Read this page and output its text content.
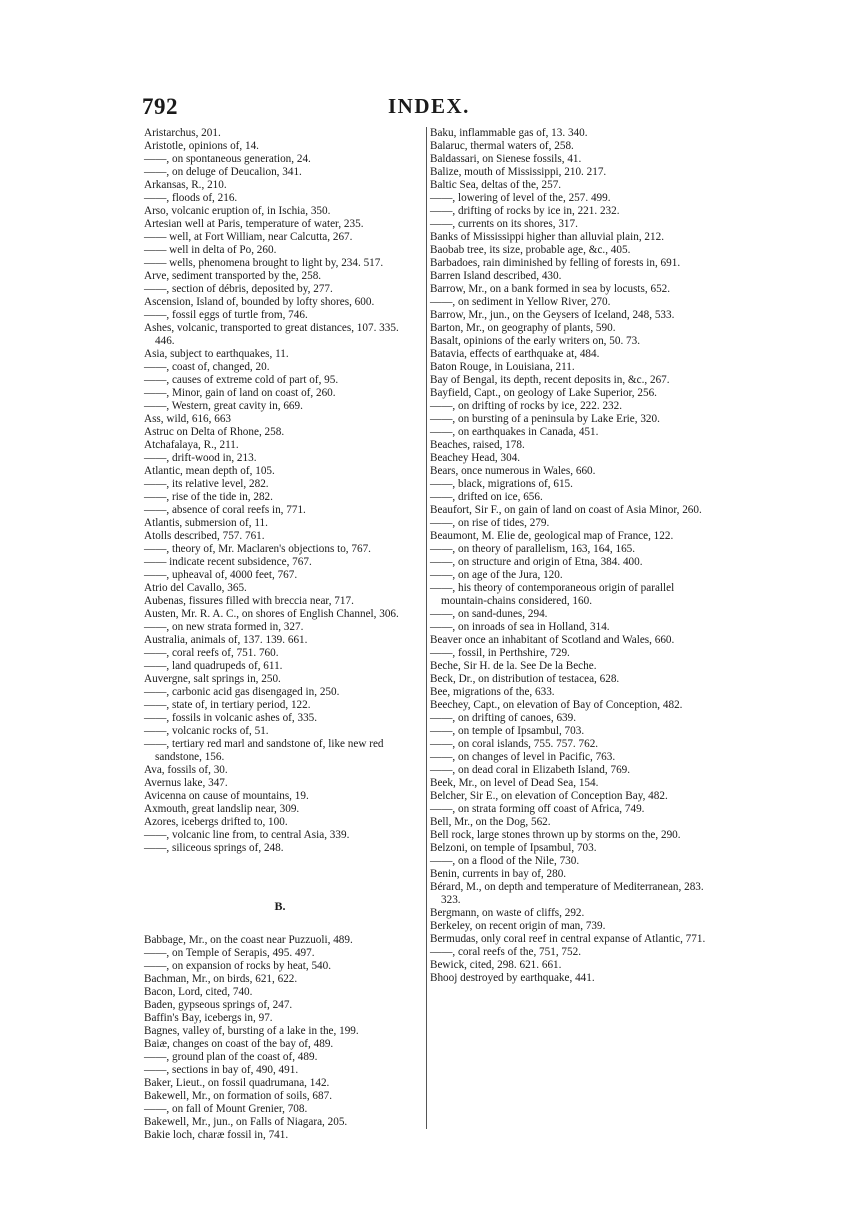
792	INDEX.
Aristarchus, 201.
Aristotle, opinions of, 14.
——, on spontaneous generation, 24.
——, on deluge of Deucalion, 341.
Arkansas, R., 210.
——, floods of, 216.
Arso, volcanic eruption of, in Ischia, 350.
Artesian well at Paris, temperature of water, 235.
—— well, at Fort William, near Calcutta, 267.
—— well in delta of Po, 260.
—— wells, phenomena brought to light by, 234. 517.
Arve, sediment transported by the, 258.
——, section of débris, deposited by, 277.
Ascension, Island of, bounded by lofty shores, 600.
——, fossil eggs of turtle from, 746.
Ashes, volcanic, transported to great distances, 107. 335. 446.
Asia, subject to earthquakes, 11.
——, coast of, changed, 20.
——, causes of extreme cold of part of, 95.
——, Minor, gain of land on coast of, 260.
——, Western, great cavity in, 669.
Ass, wild, 616, 663
Astruc on Delta of Rhone, 258.
Atchafalaya, R., 211.
——, drift-wood in, 213.
Atlantic, mean depth of, 105.
——, its relative level, 282.
——, rise of the tide in, 282.
——, absence of coral reefs in, 771.
Atlantis, submersion of, 11.
Atolls described, 757. 761.
——, theory of, Mr. Maclaren's objections to, 767.
—— indicate recent subsidence, 767.
——, upheaval of, 4000 feet, 767.
Atrio del Cavallo, 365.
Aubenas, fissures filled with breccia near, 717.
Austen, Mr. R. A. C., on shores of English Channel, 306.
——, on new strata formed in, 327.
Australia, animals of, 137. 139. 661.
——, coral reefs of, 751. 760.
——, land quadrupeds of, 611.
Auvergne, salt springs in, 250.
——, carbonic acid gas disengaged in, 250.
——, state of, in tertiary period, 122.
——, fossils in volcanic ashes of, 335.
——, volcanic rocks of, 51.
——, tertiary red marl and sandstone of, like new red sandstone, 156.
Ava, fossils of, 30.
Avernus lake, 347.
Avicenna on cause of mountains, 19.
Axmouth, great landslip near, 309.
Azores, icebergs drifted to, 100.
——, volcanic line from, to central Asia, 339.
——, siliceous springs of, 248.
B.
Babbage, Mr., on the coast near Puzzuoli, 489.
——, on Temple of Serapis, 495. 497.
——, on expansion of rocks by heat, 540.
Bachman, Mr., on birds, 621, 622.
Bacon, Lord, cited, 740.
Baden, gypseous springs of, 247.
Baffin's Bay, icebergs in, 97.
Bagnes, valley of, bursting of a lake in the, 199.
Baiæ, changes on coast of the bay of, 489.
——, ground plan of the coast of, 489.
——, sections in bay of, 490, 491.
Baker, Lieut., on fossil quadrumana, 142.
Bakewell, Mr., on formation of soils, 687.
——, on fall of Mount Grenier, 708.
Bakewell, Mr., jun., on Falls of Niagara, 205.
Bakie loch, charæ fossil in, 741.
Baku, inflammable gas of, 13. 340.
Balaruc, thermal waters of, 258.
Baldassari, on Sienese fossils, 41.
Balize, mouth of Mississippi, 210. 217.
Baltic Sea, deltas of the, 257.
——, lowering of level of the, 257. 499.
——, drifting of rocks by ice in, 221. 232.
——, currents on its shores, 317.
Banks of Mississippi higher than alluvial plain, 212.
Baobab tree, its size, probable age, &c., 405.
Barbadoes, rain diminished by felling of forests in, 691.
Barren Island described, 430.
Barrow, Mr., on a bank formed in sea by locusts, 652.
——, on sediment in Yellow River, 270.
Barrow, Mr., jun., on the Geysers of Iceland, 248, 533.
Barton, Mr., on geography of plants, 590.
Basalt, opinions of the early writers on, 50. 73.
Batavia, effects of earthquake at, 484.
Baton Rouge, in Louisiana, 211.
Bay of Bengal, its depth, recent deposits in, &c., 267.
Bayfield, Capt., on geology of Lake Superior, 256.
——, on drifting of rocks by ice, 222. 232.
——, on bursting of a peninsula by Lake Erie, 320.
——, on earthquakes in Canada, 451.
Beaches, raised, 178.
Beachey Head, 304.
Bears, once numerous in Wales, 660.
——, black, migrations of, 615.
——, drifted on ice, 656.
Beaufort, Sir F., on gain of land on coast of Asia Minor, 260.
——, on rise of tides, 279.
Beaumont, M. Elie de, geological map of France, 122.
——, on theory of parallelism, 163, 164, 165.
——, on structure and origin of Etna, 384. 400.
——, on age of the Jura, 120.
——, his theory of contemporaneous origin of parallel mountain-chains considered, 160.
——, on sand-dunes, 294.
——, on inroads of sea in Holland, 314.
Beaver once an inhabitant of Scotland and Wales, 660.
——, fossil, in Perthshire, 729.
Beche, Sir H. de la. See De la Beche.
Beck, Dr., on distribution of testacea, 628.
Bee, migrations of the, 633.
Beechey, Capt., on elevation of Bay of Conception, 482.
——, on drifting of canoes, 639.
——, on temple of Ipsambul, 703.
——, on coral islands, 755. 757. 762.
——, on changes of level in Pacific, 763.
——, on dead coral in Elizabeth Island, 769.
Beek, Mr., on level of Dead Sea, 154.
Belcher, Sir E., on elevation of Conception Bay, 482.
——, on strata forming off coast of Africa, 749.
Bell, Mr., on the Dog, 562.
Bell rock, large stones thrown up by storms on the, 290.
Belzoni, on temple of Ipsambul, 703.
——, on a flood of the Nile, 730.
Benin, currents in bay of, 280.
Bérard, M., on depth and temperature of Mediterranean, 283. 323.
Bergmann, on waste of cliffs, 292.
Berkeley, on recent origin of man, 739.
Bermudas, only coral reef in central expanse of Atlantic, 771.
——, coral reefs of the, 751, 752.
Bewick, cited, 298. 621. 661.
Bhooj destroyed by earthquake, 441.
